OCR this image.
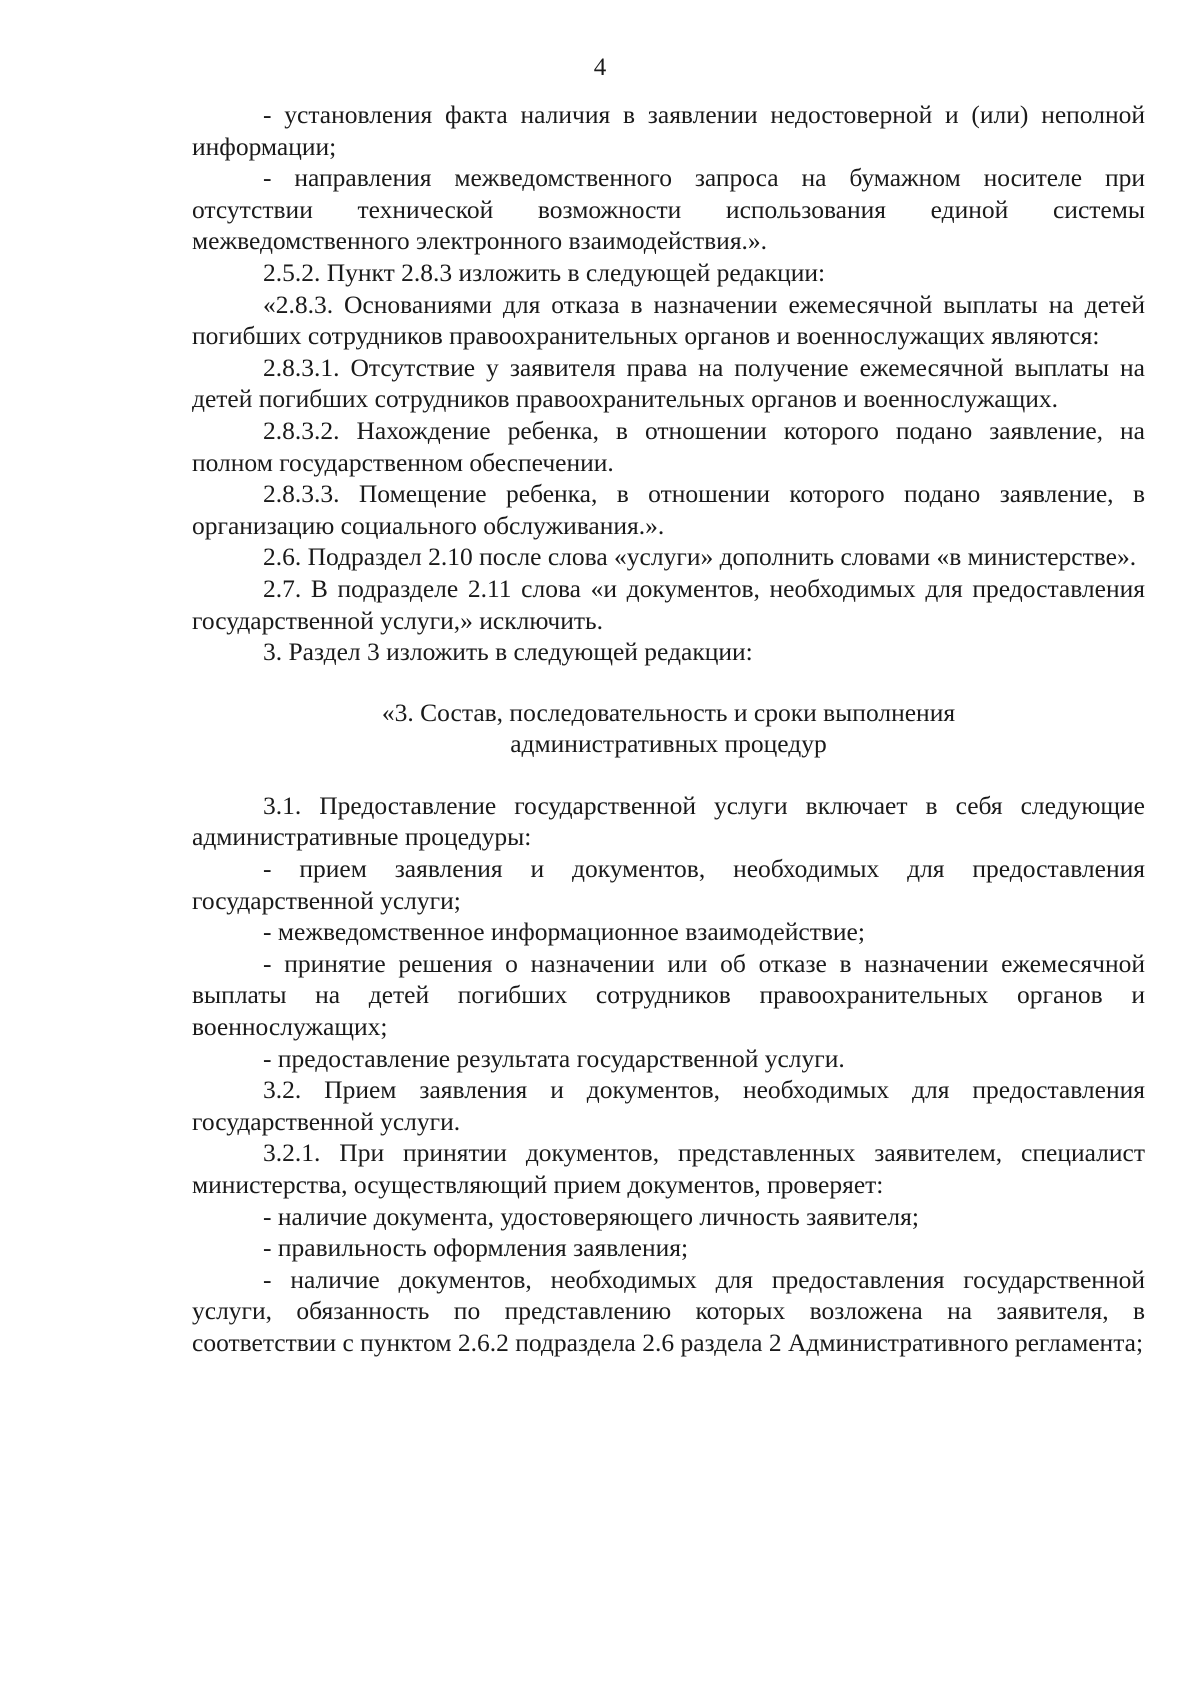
4

- установления факта наличия в заявлении недостоверной и (или) неполной информации;

- направления межведомственного запроса на бумажном носителе при отсутствии технической возможности использования единой системы межведомственного электронного взаимодействия.».

2.5.2. Пункт 2.8.3 изложить в следующей редакции:

«2.8.3. Основаниями для отказа в назначении ежемесячной выплаты на детей погибших сотрудников правоохранительных органов и военнослужащих являются:

2.8.3.1. Отсутствие у заявителя права на получение ежемесячной выплаты на детей погибших сотрудников правоохранительных органов и военнослужащих.

2.8.3.2. Нахождение ребенка, в отношении которого подано заявление, на полном государственном обеспечении.

2.8.3.3. Помещение ребенка, в отношении которого подано заявление, в организацию социального обслуживания.».

2.6. Подраздел 2.10 после слова «услуги» дополнить словами «в министерстве».

2.7. В подразделе 2.11 слова «и документов, необходимых для предоставления государственной услуги,» исключить.

3. Раздел 3 изложить в следующей редакции:

«3. Состав, последовательность и сроки выполнения
административных процедур

3.1. Предоставление государственной услуги включает в себя следующие административные процедуры:

- прием заявления и документов, необходимых для предоставления государственной услуги;

- межведомственное информационное взаимодействие;

- принятие решения о назначении или об отказе в назначении ежемесячной выплаты на детей погибших сотрудников правоохранительных органов и военнослужащих;

- предоставление результата государственной услуги.

3.2. Прием заявления и документов, необходимых для предоставления государственной услуги.

3.2.1. При принятии документов, представленных заявителем, специалист министерства, осуществляющий прием документов, проверяет:

- наличие документа, удостоверяющего личность заявителя;

- правильность оформления заявления;

- наличие документов, необходимых для предоставления государственной услуги, обязанность по представлению которых возложена на заявителя, в соответствии с пунктом 2.6.2 подраздела 2.6 раздела 2 Административного регламента;
